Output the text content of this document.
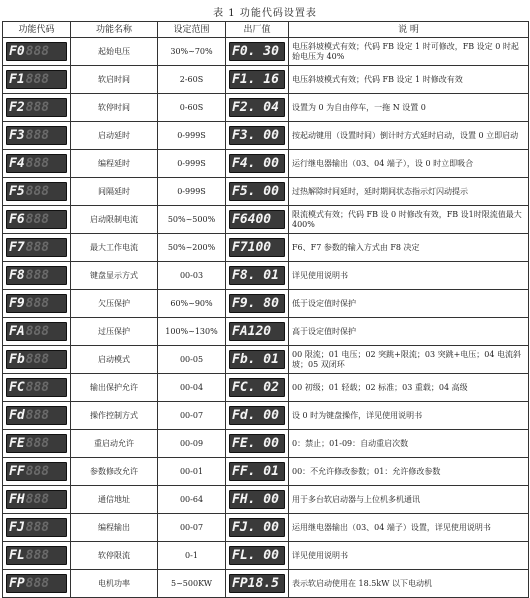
表 1 功能代码设置表
功能代码	功能名称	设定范围	出厂值	说 明

F0 888	起始电压	30%~70%	F0. 30	电压斜坡模式有效；代码 FB 设定 1 时可修改，FB 设定 0 时起始电压为 40%

F1 888	软启时间	2-60S	F1. 16	电压斜坡模式有效；代码 FB 设定 1 时修改有效

F2 888	软停时间	0-60S	F2. 04	设置为 0 为自由停车，一拖 N 设置 0

F3 888	启动延时	0-999S	F3. 00	按起动键用（设置时间）倒计时方式延时启动，设置 0 立即启动

F4 888	编程延时	0-999S	F4. 00	运行继电器输出（03、04 端子），设 0 时立即吸合

F5 888	间隔延时	0-999S	F5. 00	过热解除时间延时，延时期间状态指示灯闪动提示

F6 888	启动限制电流	50%~500%	F6400	限流模式有效；代码 FB 设 0 时修改有效，FB 设1时限流值最大 400%

F7 888	最大工作电流	50%~200%	F7100	F6、F7 参数的输入方式由 F8 决定

F8 888	键盘显示方式	00-03	F8. 01	详见使用说明书

F9 888	欠压保护	60%~90%	F9. 80	低于设定值时保护

FA 888	过压保护	100%~130%	FA120	高于设定值时保护

Fb 888	启动模式	00-05	Fb. 01	00 限流；01 电压；02 突跳+限流；03 突跳+电压；04 电流斜坡；05 双闭环

FC 888	输出保护允许	00-04	FC. 02	00 初级；01 轻载；02 标准；03 重载；04 高级

Fd 888	操作控制方式	00-07	Fd. 00	设 0 时为键盘操作，详见使用说明书

FE 888	重启动允许	00-09	FE. 00	0：禁止；01-09：自动重启次数

FF 888	参数修改允许	00-01	FF. 01	00：不允许修改参数；01：允许修改参数

FH 888	通信地址	00-64	FH. 00	用于多台软启动器与上位机多机通讯

FJ 888	编程输出	00-07	FJ. 00	运用继电器输出（03、04 端子）设置，详见使用说明书

FL 888	软停限流	0-1	FL. 00	详见使用说明书

FP 888	电机功率	5~500KW	FP18.5	表示软启动使用在 18.5kW 以下电动机
